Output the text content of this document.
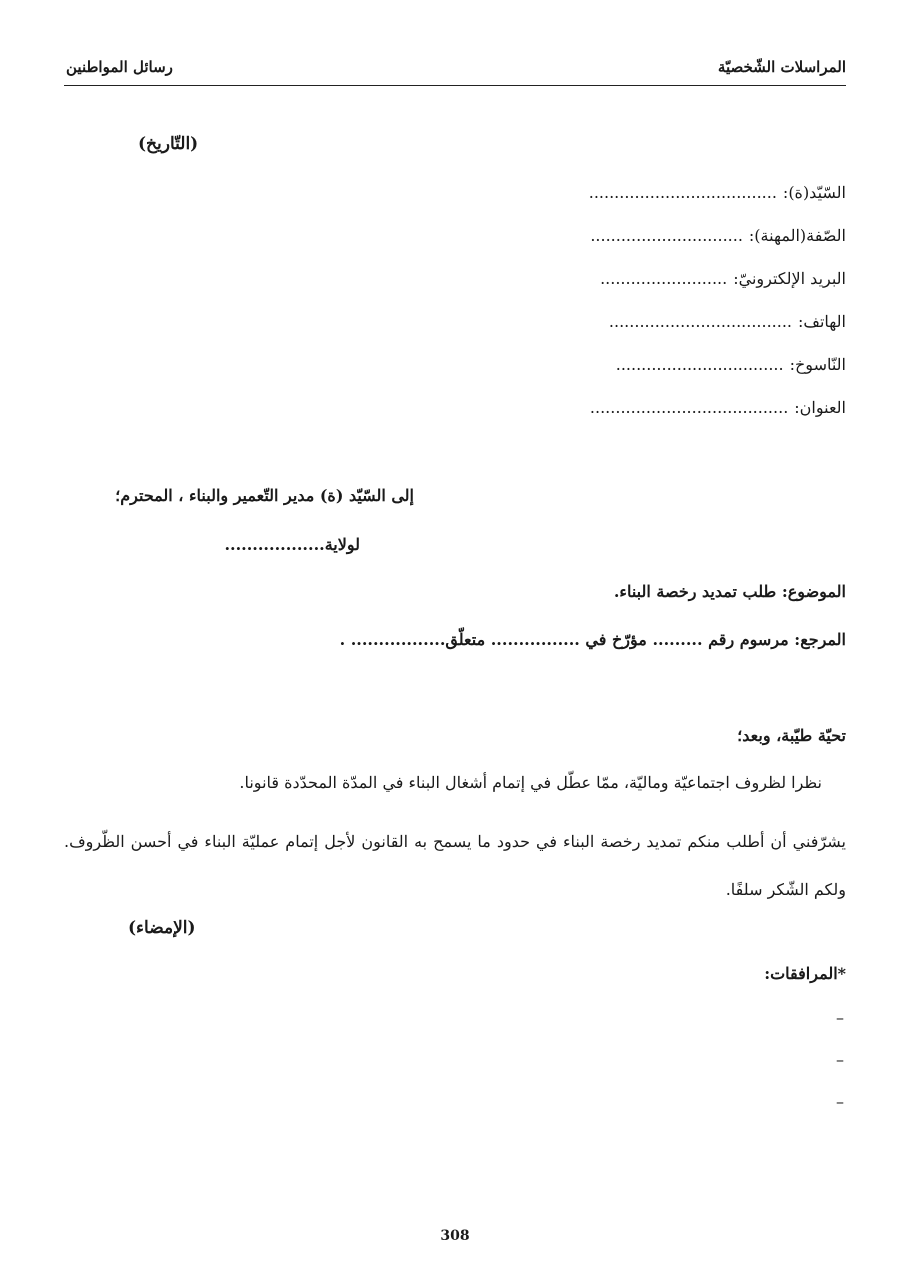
المراسلات الشّخصيّة
رسائل المواطنين
(التّاريخ)
السّيّد(ة):.....................................
الصّفة(المهنة):..............................
البريد الإلكترونيّ:.........................
الهاتف:....................................
النّاسوخ:.................................
العنوان:.......................................
إلى السّيّد (ة) مدير التّعمير والبناء ، المحترم؛
لولاية..................
الموضوع: طلب تمديد رخصة البناء.
المرجع: مرسوم رقم ......... مؤرّخ في ................ متعلّق................. .
تحيّة طيّبة، وبعد؛
نظرا لظروف اجتماعيّة وماليّة، ممّا عطّل في إتمام أشغال البناء في المدّة المحدّدة قانونا.
يشرّفني أن أطلب منكم تمديد رخصة البناء في حدود ما يسمح به القانون لأجل إتمام عمليّة البناء في أحسن الظّروف. ولكم الشّكر سلفًا.
(الإمضاء)
*المرافقات:
–
–
–
308
